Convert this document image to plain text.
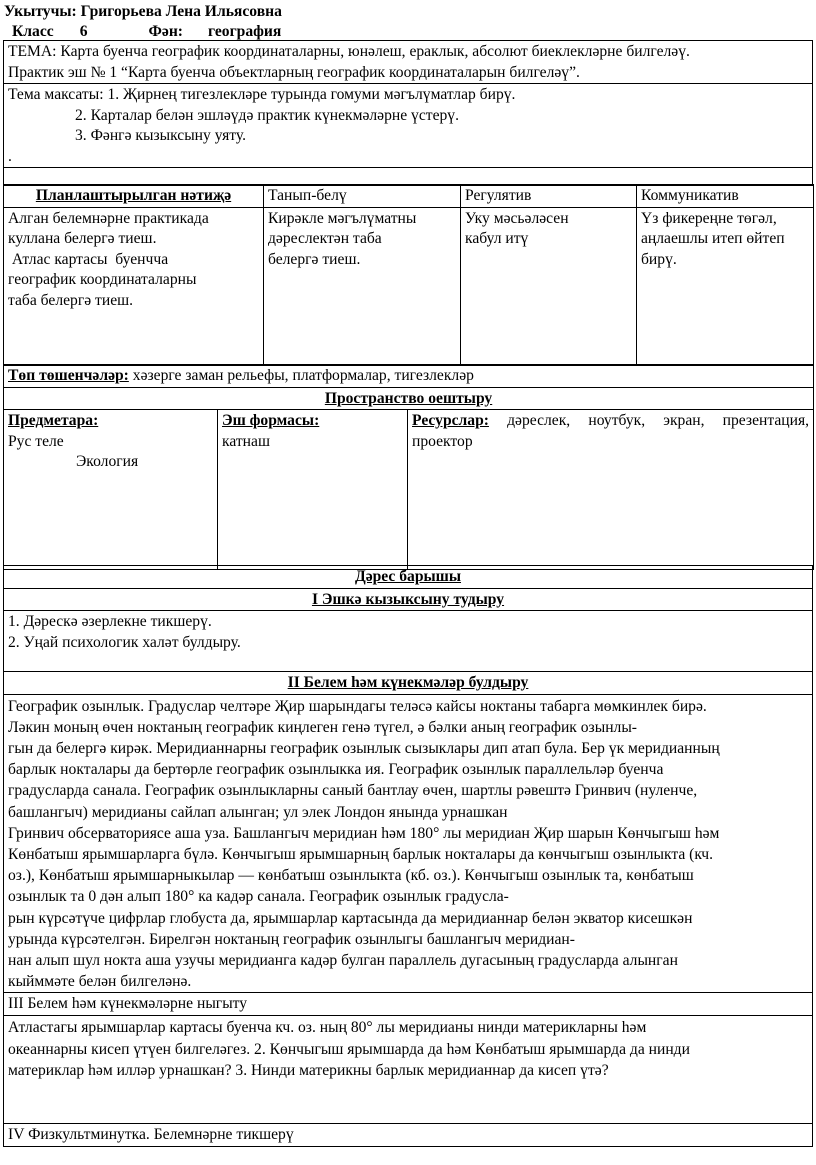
Укытучы: Григорьева Лена Ильясовна
Класс 6	Фән: география
ТЕМА: Карта буенча географик координаталарны, юнәлеш, ераклык, абсолют биеклекләрне билгеләү.
Практик эш № 1 “Карта буенча объектларның географик координаталарын билгеләү”.

Тема максаты: 1. Җирнең тигезлекләре турында гомуми мәгълүматлар бирү.
2. Карталар белән эшләүдә практик күнекмәләрне үстерү.
3. Фәнгә кызыксыну уяту.
.

Планлаштырылган нәтиҗә	Танып-белү	Регулятив	Коммуникатив

Алган белемнәрне практикада
куллана белергә тиеш.
Атлас картасы  буенчча
географик координаталарны
таба белергә тиеш.	Кирәкле мәгълүматны
дәреслектән таба
белергә тиеш.	Уку мәсьәләсен
кабул итү	Үз фикереңне төгәл,
аңлаешлы итеп өйтеп
бирү.
Төп төшенчәләр: хәзерге заман рельефы, платформалар, тигезлекләр
Пространство оештыру

Предметара:
Рус теле
Экология

Эш формасы:
катнаш

Ресурслар: дәреслек, ноутбук, экран, презентация,
проектор
Дәрес барышы
I Эшкә кызыксыну тудыру

1. Дәрескә әзерлекне тикшерү.
2. Уңай психологик халәт булдыру.

II Белем һәм күнекмәләр булдыру

Географик озынлык. Градуслар челтәре Җир шарындагы теләсә кайсы ноктаны табарга мөмкинлек бирә.
Ләкин моның өчен ноктаның географик киңлеген генә түгел, ә бәлки аның географик озынлы-
гын да белергә кирәк. Меридианнарны географик озынлык сызыклары дип атап була. Бер үк меридианның
барлык нокталары да бертөрле географик озынлыкка ия. Географик озынлык параллельләр буенча
градусларда санала. Географик озынлыкларны саный бантлау өчен, шартлы рәвештә Гринвич (нуленче,
башлангыч) меридианы сайлап алынган; ул элек Лондон янында урнашкан
Гринвич обсерваториясе аша уза. Башлангыч меридиан һәм 180° лы меридиан Җир шарын Көнчыгыш һәм
Көнбатыш ярымшарларга бүлә. Көнчыгыш ярымшарның барлык нокталары да көнчыгыш озынлыкта (кч.
оз.), Көнбатыш ярымшарныкылар — көнбатыш озынлыкта (кб. оз.). Көнчыгыш озынлык та, көнбатыш
озынлык та 0 дән алып 180° ка кадәр санала. Географик озынлык градусла-
рын күрсәтүче цифрлар глобуста да, ярымшарлар картасында да меридианнар белән экватор кисешкән
урында күрсәтелгән. Бирелгән ноктаның географик озынлыгы башлангыч меридиан-
нан алып шул нокта аша узучы меридианга кадәр булган параллель дугасының градусларда алынган
кыйммәте белән билгеләнә.

III Белем һәм күнекмәләрне ныгыту

Атластагы ярымшарлар картасы буенча кч. оз. ның 80° лы меридианы нинди материкларны һәм
океаннарны кисеп үтүен билгеләгез. 2. Көнчыгыш ярымшарда да һәм Көнбатыш ярымшарда да нинди
материклар һәм илләр урнашкан? 3. Нинди материкны барлык меридианнар да кисеп үтә?

IV Физкультминутка. Белемнәрне тикшерү
